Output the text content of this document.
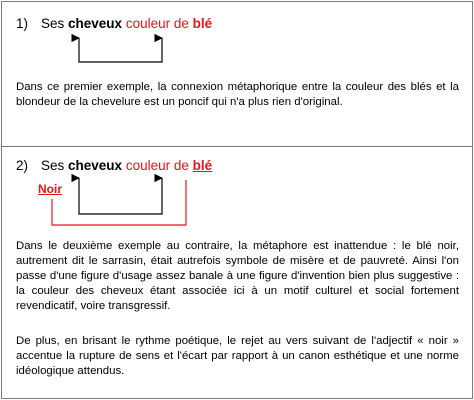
1) Ses cheveux couleur de blé

Dans ce premier exemple, la connexion métaphorique entre la couleur des blés et la blondeur de la chevelure est un poncif qui n'a plus rien d'original.

2) Ses cheveux couleur de blé
Noir

Dans le deuxième exemple au contraire, la métaphore est inattendue : le blé noir, autrement dit le sarrasin, était autrefois symbole de misère et de pauvreté. Ainsi l'on passe d'une figure d'usage assez banale à une figure d'invention bien plus suggestive : la couleur des cheveux étant associée ici à un motif culturel et social fortement revendicatif, voire transgressif.

De plus, en brisant le rythme poétique, le rejet au vers suivant de l'adjectif « noir » accentue la rupture de sens et l'écart par rapport à un canon esthétique et une norme idéologique attendus.
